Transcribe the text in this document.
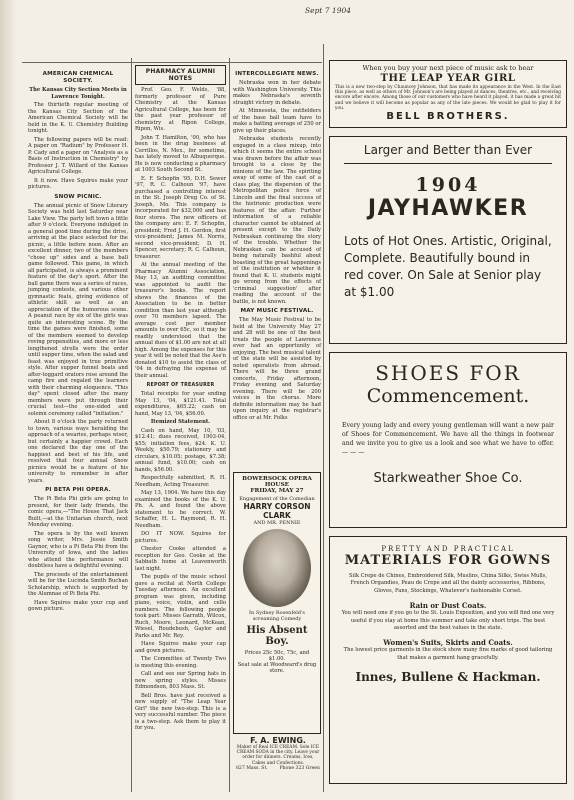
Sept 7 1904
AMERICAN CHEMICAL SOCIETY.
The Kansas City Section Meets in Lawrence Tonight.

The thirtieth regular meeting of the Kansas City Section of the American Chemical Society will be held in the K. U. Chemistry Building tonight.

The following papers will be read: A paper on "Radium" by Professor H. P. Cady and a paper on "Analysis as a Basis of Instruction in Chemistry" by Professor J. T. Willard of the Kansas Agricultural College.

It it now. Have Squires make your pictures.

SNOW PICNIC.

The annual picnic of Snow Literary Society was held last Saturday near Lake View. The party left town a little after 9 o'clock. Everyone indulged in a general good time during the drive, arriving at the place selected for the picnic, a little before noon. After an excellent dinner, two of the members "chose up" sides and a base ball game followed. This game, in which all partcipated, is always a prominent feature of the day's sport. After the ball game there was a series of races, jumping contests, and various other gymnastic feats, giving evidence of athletic skill as well as an appreciation of the humorous scene. A peanut race by six of the girls was quite an interesting scene. By the time the games were finished, some of the members seemed to develop roving propensities, and more or less lengthened strolls were the order until supper time, when the salad and feast was enjoyed in true primitive style. After supper funnel boats and after-toggard orators rose around the camp fire and regaled the learners with their charming eloquence. "This day" spent closed after the many members were put through their crucial test—the one-sided and solemn ceremony called "initiation."

About 8 o'clock the party returned to town, various ways heralding the approach of a wearies, perhaps wiser, but certainly a happier crowd. Each one declared the day one of the happiest and best of his life, and resolved that four annual Snow picnics would be a feature of his university to remember in after years.

PI BETA PHI OPERA.

The Pi Beta Phi girls are going to present, for their lady friends, the comic opera,—"The House That Jack Built,—at the Unitarian church, next Monday evening.

The opera is by the well known song writer, Mrs. Jessie Smith Gaynor, who is a Pi Beta Phi from the University of Iowa, and the ladies who attend the performance will doubtless have a delightful evening.

The proceeds of the entertainment will be for the Lucinda Smith Buchan Scholarship, which is supported by the Alumnae of Pi Beta Phi.

Have Squires make your cup and gown picture.

PHARMACY ALUMNI NOTES

Prof. Geo. F. Welds, '88, formerly professor of Pure Chemistry at the Kansas Agricultural College, has been for the past year professor of chemistry at Ripon College, Ripon, Wis.

John T. Hamilton, '00, who has been in the drug business at Cerrillos, N. Mex., for sometime, has lately moved to Albuquerque. He is now conducting a pharmacy at 1003 South Second St.

E. F. Schopfin '95, D.H. Sewer '97, R. C. Calhoun '97, have purchased a controlling interest in the St. Joseph Drug Co. of St. Joseph, Mo. This company is incorporated for $32,000 and has four stores. The new officers of the company are: E. F. Schopfin, president; Fred J. H. Gordon, first vice-president; James M. Norris, second vice-president; D. H. Spencer, secretary; R. C. Calhoun, treasurer.

At the annual meeting of the Pharmacy Alumni Association, May 13, an auditing committee was appointed to audit the treasurer's books. The report shows the finances of the Association to be in better condition than last year although over 70 members lapsed. The average cost per member amounts to over 65c, so it may be readily understood that the annual dues of $1.00 are not at all high. Among the expenses for this year it will be noted that the Ass'n donated $10 to assist the class of '04 in defraying the expense of their annual.

REPORT OF TREASURER

Total receipts for year ending May 13, '04, $121.41. Total expenditures, $65.22; cash on hand, May 13, '04, $56.00.

Itemized Statement.

Cash on hand, May 10, '03, $12.41; dues received, 1903-04, $55; initiation fees, $24. K. U. Weekly, $50.79; stationery and circulars, $10.05; postage, $7.38; annual fund, $10.00; cash on hands, $56.00.

Respectfully submitted, R. H. Needham, Acting Treasurer.

May 13, 1904. We have this day examined the books of the K. U. Ph. A. and found the above statement to be correct. W. Schaffer, H. L. Raymond, R. H. Needham.

DO IT NOW. Squires for pictures.

Chester Cooke attended a reception for Geo. Cooke at the Sabbath home at Leavenworth last night.

The pupils of the music school gave a recital at North College Tuesday afternoon. An excellent program was given, including piano, voice, violin, and cello numbers. The following people took part: Misses Garrath, Wilcox, Ruch, Moore, Leonard, McKean, Wiesel, Roudebush, Gaylor and Parks and Mr. Rey.

Have Squires make your cap and gown pictures.

The Committee of Twenty Two is meeting this evening.

Call and see our Spring hats in new spring styles. Misses Edmondson, 803 Mass. St.

Bell Bros. have just received a new supply of "The Leap Year Girl" the new two-step. This is a very successful number. The piece is a two-step. Ask them to play it for you.

INTERCOLLEGIATE NEWS.

Nebraska won in her debate with Washington University. This makes Nebraska's seventh straight victory in debate.

At Minnesota, the outfielders of the base ball team have to make a batting average of 250 or give up their places.

Nebraska students recently engaged in a class mixup, into which it seems the entire school was drawn before the affair was brought to a close by the minions of the law. The spiriting away of some of the cast of a class play, the dispersion of the Metropolitan police force of Lincoln and the final success of the histrionic production were features of the affair. Further information of a reliable character cannot be obtained at present except to the Daily Nebraskan continuing the story of the trouble. Whether the Nebraskan can be accused of being naturally bashful about boasting of the great happenings of the institution or whether it found that K. U. students might go wrong from the effects of 'criminal suggestion' after reading the account of the battle, is not known.

MAY MUSIC FESTIVAL.

The May Music Festival to be held at the University May 27 and 28 will be one of the best treats the people of Lawrence ever had an opportunity of enjoying. The best musical talent of the state will be assisted by noted operatists from abroad. There will be three grand concerts, Friday afternoon, Friday evening and Saturday evening. There will be 200 voices in the chorus. More definite information may be had upon inquiry at the registrar's office or at Mr. Folks

BOWERSOCK OPERA HOUSE
FRIDAY, MAY 27
Engagement of the Comedian
HARRY CORSON CLARK
AND MR. PENNIE
In Sydney Rosenfeld's screaming Comedy
His Absent Boy.
Prices 25c 50c, 75c, and $1.00.
Seat sale at Woodward's drug store.
F. A. EWING.
Maker of Real ICE CREAM. Sole ICE CREAM SODA in the city. Leave your order for dinners. Creams, Ices, Cakes and Confections.
827 Mass. St.	Phone 323 Green
When you buy your next piece of music ask to hear
THE LEAP YEAR GIRL
This is a new two-step by Chauncey Johnson, that has made its appearance in the West. In the East this piece, as well as others of Mr. Johnson's are being played at dances, theatres, etc., and receiving encore after encore. Among those of our customers who have heard it played, it has made a great hit and we believe it will become as popular as any of the late pieces. We would be glad to play it for you.
BELL BROTHERS.
Larger and Better than Ever
1904
JAYHAWKER
Lots of Hot Ones. Artistic, Original, Complete. Beautifully bound in red cover. On Sale at Senior play at $1.00
SHOES FOR
Commencement.
Every young lady and every young gentleman will want a new pair of Shoes for Commencement. We have all the things in footwear and we invite you to give us a look and see what we have to offer. — — —
Starkweather Shoe Co.
PRETTY AND PRACTICAL
MATERIALS FOR GOWNS
Silk Crepe de Chines, Embroidered Silk, Muslins, China Silks, Swiss Mulls, French Organdies, Peau de Crepe and all the dainty accessories, Ribbons, Gloves, Fans, Stockings, Whatever's fashionable Corset.
Rain or Dust Coats.
You will need one if you go to the St. Louis Exposition, and you will find one very useful if you stay at home this summer and take only short trips. The best assorted and the best values in the state.
Women's Suits, Skirts and Coats.
The lowest price garments in the stock show many fine marks of good tailoring that makes a garment hang gracefully.
Innes, Bullene & Hackman.
